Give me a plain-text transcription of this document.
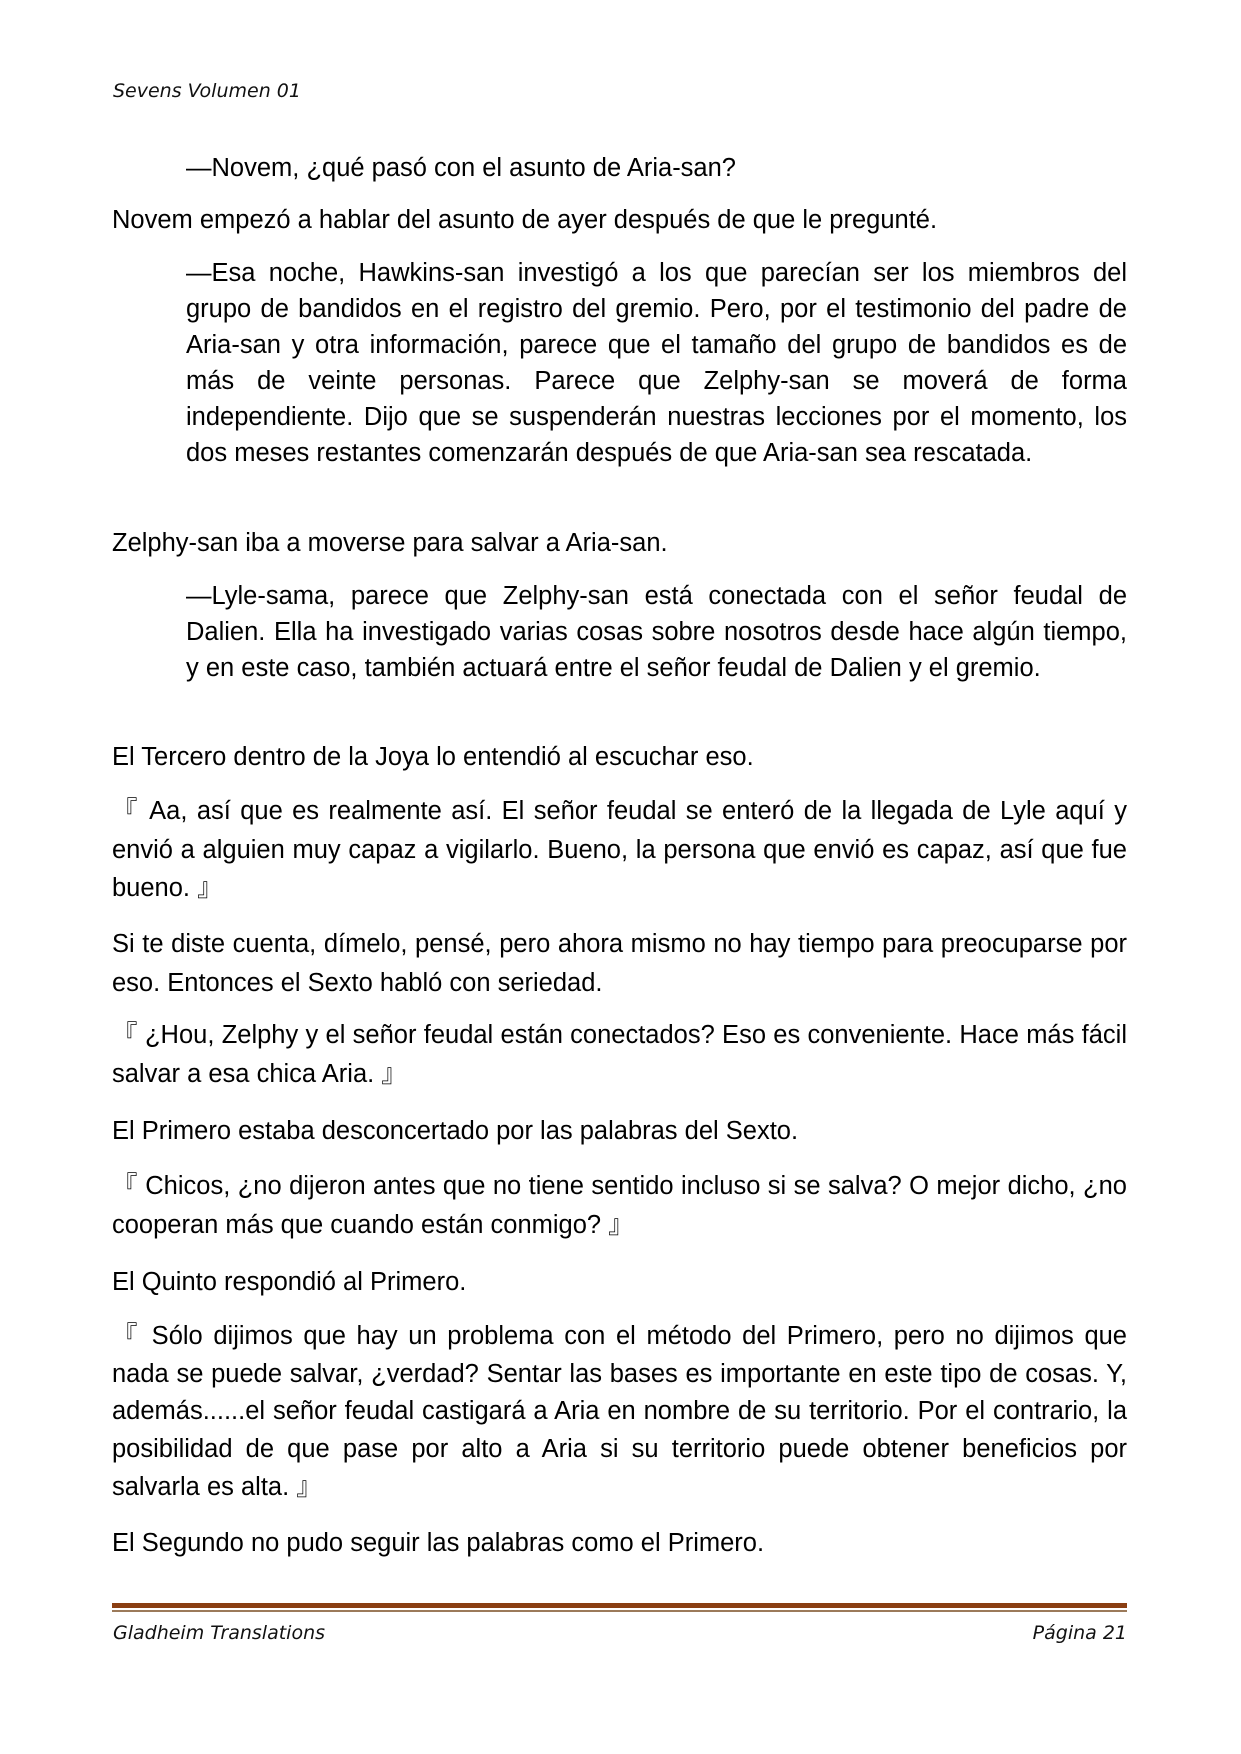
Sevens Volumen 01

—Novem, ¿qué pasó con el asunto de Aria-san?

Novem empezó a hablar del asunto de ayer después de que le pregunté.

—Esa noche, Hawkins-san investigó a los que parecían ser los miembros del grupo de bandidos en el registro del gremio. Pero, por el testimonio del padre de Aria-san y otra información, parece que el tamaño del grupo de bandidos es de más de veinte personas. Parece que Zelphy-san se moverá de forma independiente. Dijo que se suspenderán nuestras lecciones por el momento, los dos meses restantes comenzarán después de que Aria-san sea rescatada.

Zelphy-san iba a moverse para salvar a Aria-san.

—Lyle-sama, parece que Zelphy-san está conectada con el señor feudal de Dalien. Ella ha investigado varias cosas sobre nosotros desde hace algún tiempo, y en este caso, también actuará entre el señor feudal de Dalien y el gremio.

El Tercero dentro de la Joya lo entendió al escuchar eso.

『 Aa, así que es realmente así. El señor feudal se enteró de la llegada de Lyle aquí y envió a alguien muy capaz a vigilarlo. Bueno, la persona que envió es capaz, así que fue bueno. 』

Si te diste cuenta, dímelo, pensé, pero ahora mismo no hay tiempo para preocuparse por eso. Entonces el Sexto habló con seriedad.

『 ¿Hou, Zelphy y el señor feudal están conectados? Eso es conveniente. Hace más fácil salvar a esa chica Aria. 』

El Primero estaba desconcertado por las palabras del Sexto.

『 Chicos, ¿no dijeron antes que no tiene sentido incluso si se salva? O mejor dicho, ¿no cooperan más que cuando están conmigo? 』

El Quinto respondió al Primero.

『 Sólo dijimos que hay un problema con el método del Primero, pero no dijimos que nada se puede salvar, ¿verdad? Sentar las bases es importante en este tipo de cosas. Y, además......el señor feudal castigará a Aria en nombre de su territorio. Por el contrario, la posibilidad de que pase por alto a Aria si su territorio puede obtener beneficios por salvarla es alta. 』

El Segundo no pudo seguir las palabras como el Primero.

Gladheim Translations	Página 21
